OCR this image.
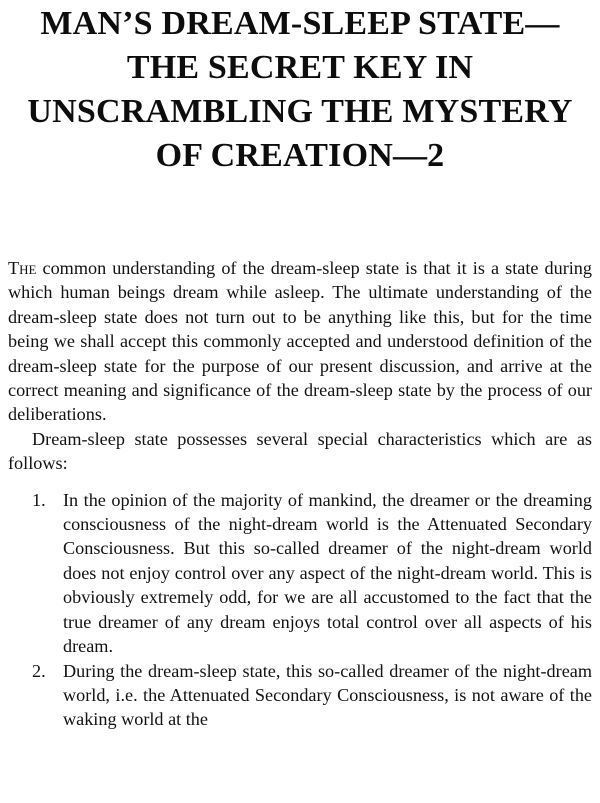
MAN’S DREAM-SLEEP STATE—
THE SECRET KEY IN
UNSCRAMBLING THE MYSTERY
OF CREATION—2

The common understanding of the dream-sleep state is that it is a state during which human beings dream while asleep. The ultimate understanding of the dream-sleep state does not turn out to be anything like this, but for the time being we shall accept this commonly accepted and understood definition of the dream-sleep state for the purpose of our present discussion, and arrive at the correct meaning and significance of the dream-sleep state by the process of our deliberations.

Dream-sleep state possesses several special characteristics which are as follows:

1. In the opinion of the majority of mankind, the dreamer or the dreaming consciousness of the night-dream world is the Attenuated Secondary Consciousness. But this so-called dreamer of the night-dream world does not enjoy control over any aspect of the night-dream world. This is obviously extremely odd, for we are all accustomed to the fact that the true dreamer of any dream enjoys total control over all aspects of his dream.
2. During the dream-sleep state, this so-called dreamer of the night-dream world, i.e. the Attenuated Secondary Consciousness, is not aware of the waking world at the
